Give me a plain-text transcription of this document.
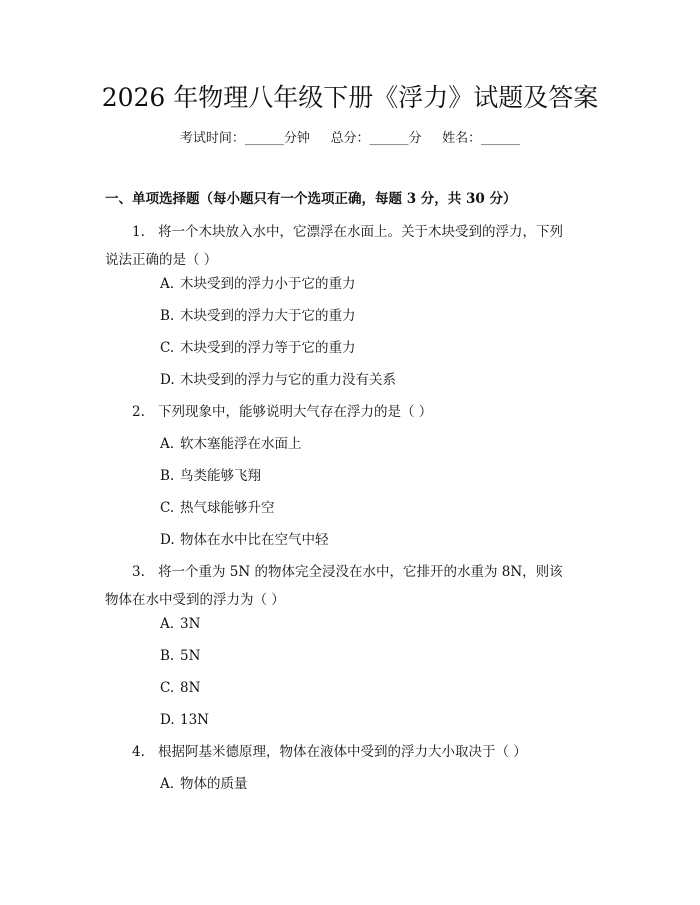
2026 年物理八年级下册《浮力》试题及答案
考试时间：______分钟     总分：______分     姓名：______
一、单项选择题（每小题只有一个选项正确，每题 3 分，共 30 分）
1. 将一个木块放入水中，它漂浮在水面上。关于木块受到的浮力，下列说法正确的是（ ）
A. 木块受到的浮力小于它的重力
B. 木块受到的浮力大于它的重力
C. 木块受到的浮力等于它的重力
D. 木块受到的浮力与它的重力没有关系
2. 下列现象中，能够说明大气存在浮力的是（ ）
A. 软木塞能浮在水面上
B. 鸟类能够飞翔
C. 热气球能够升空
D. 物体在水中比在空气中轻
3. 将一个重为 5N 的物体完全浸没在水中，它排开的水重为 8N，则该物体在水中受到的浮力为（ ）
A. 3N
B. 5N
C. 8N
D. 13N
4. 根据阿基米德原理，物体在液体中受到的浮力大小取决于（ ）
A. 物体的质量
